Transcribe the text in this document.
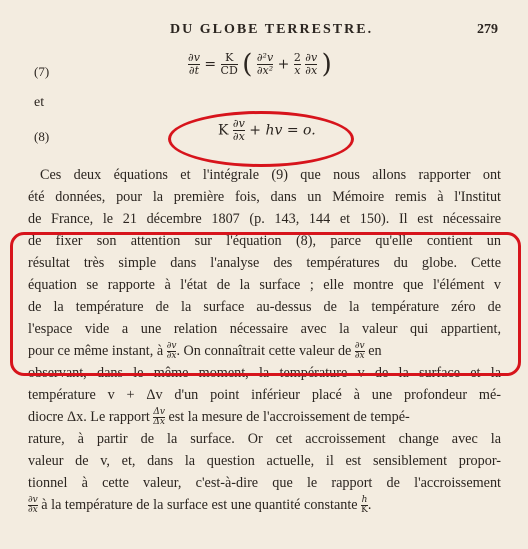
DU GLOBE TERRESTRE.	279
(7)	$\frac{\partial v}{\partial t} = \frac{K}{CD}$ ( $\frac{\text{∂²v}}{\text{∂x²}} + \frac{2}{x}$
$\frac{\partial v}{\partial x}$ )
et
(8)	K $\frac{\partial v}{\partial x}$ + hv = o.
Ces deux équations et l'intégrale (9) que nous allons rapporter ont
été données, pour la première fois, dans un Mémoire remis à l'Institut
de France, le 21 décembre 1807 (p. 143, 144 et 150). Il est nécessaire
de fixer son attention sur l'équation (8), parce qu'elle contient un
résultat très simple dans l'analyse des températures du globe. Cette
équation se rapporte à l'état de la surface ; elle montre que l'élément v
de la température de la surface au-dessus de la température zéro de
l'espace vide a une relation nécessaire avec la valeur qui appartient,
pour ce même instant, à $\frac{\partial v}{\partial x}$ . On connaîtrait cette valeur de $\frac{\partial v}{\partial x}$ en
observant, dans le même moment, la température v de la surface et la
température v + Δv d'un point inférieur placé à une profondeur mé-
diocre Δx. Le rapport $\frac{\Delta v}{\Delta x}$ est la mesure de l'accroissement de tempé-
rature, à partir de la surface. Or cet accroissement change avec la
valeur de v, et, dans la question actuelle, il est sensiblement propor-
tionnel à cette valeur, c'est-à-dire que le rapport de l'accroissement
$\frac{\partial v}{\partial x}$ à la température de la surface est une quantité constante $\frac{h}{K}$ .
